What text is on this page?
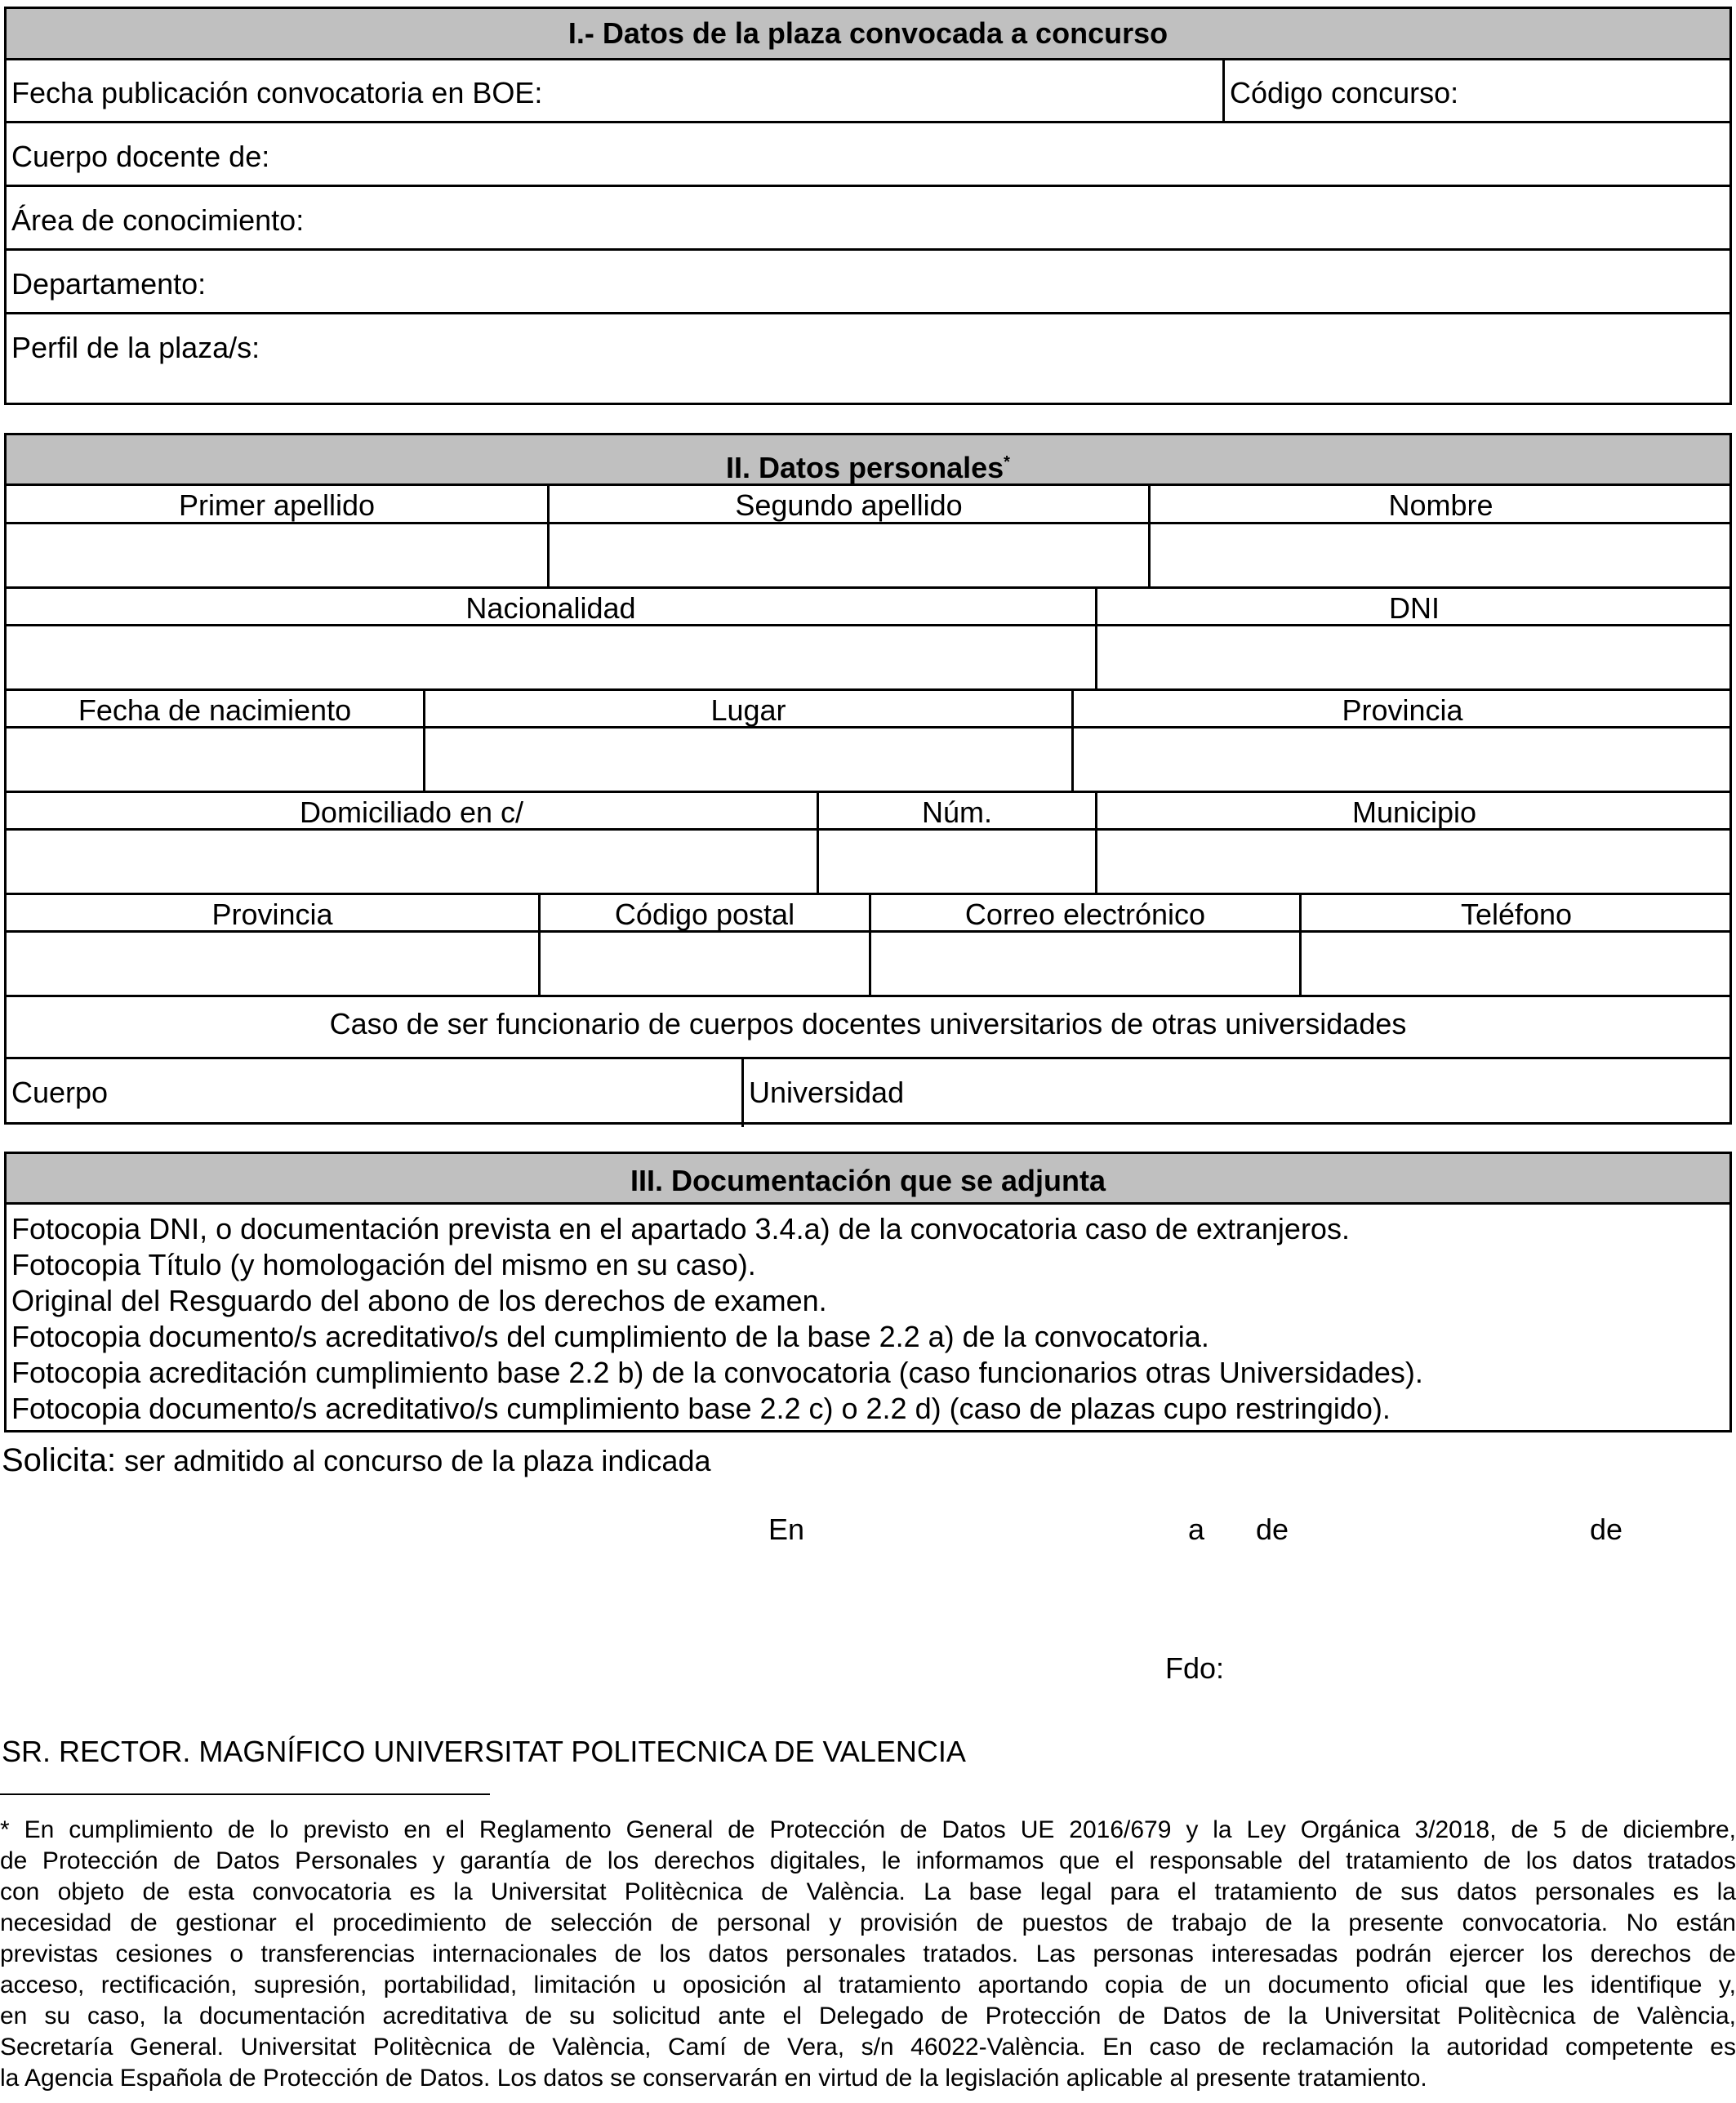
I.- Datos de la plaza convocada a concurso
Fecha publicación convocatoria en BOE:	Código concurso:
Cuerpo docente de:
Área de conocimiento:
Departamento:
Perfil de la plaza/s:
II. Datos personales*
Primer apellido	Segundo apellido	Nombre
Nacionalidad	DNI
Fecha de nacimiento	Lugar	Provincia
Domiciliado en c/	Núm.	Municipio
Provincia	Código postal	Correo electrónico	Teléfono
Caso de ser funcionario de cuerpos docentes universitarios de otras universidades
Cuerpo	Universidad
III. Documentación que se adjunta
Fotocopia DNI, o documentación prevista en el apartado 3.4.a) de la convocatoria caso de extranjeros.
Fotocopia Título (y homologación del mismo en su caso).
Original del Resguardo del abono de los derechos de examen.
Fotocopia documento/s acreditativo/s del cumplimiento de la base 2.2 a) de la convocatoria.
Fotocopia acreditación cumplimiento base 2.2 b) de la convocatoria (caso funcionarios otras Universidades).
Fotocopia documento/s acreditativo/s cumplimiento base 2.2 c) o 2.2 d) (caso de plazas cupo restringido).
Solicita: ser admitido al concurso de la plaza indicada
En	a de	de
Fdo:
SR. RECTOR. MAGNÍFICO UNIVERSITAT POLITECNICA DE VALENCIA
* En cumplimiento de lo previsto en el Reglamento General de Protección de Datos UE 2016/679 y la Ley Orgánica 3/2018, de 5 de diciembre,
de Protección de Datos Personales y garantía de los derechos digitales, le informamos que el responsable del tratamiento de los datos tratados
con objeto de esta convocatoria es la Universitat Politècnica de València. La base legal para el tratamiento de sus datos personales es la
necesidad de gestionar el procedimiento de selección de personal y provisión de puestos de trabajo de la presente convocatoria. No están
previstas cesiones o transferencias internacionales de los datos personales tratados. Las personas interesadas podrán ejercer los derechos de
acceso, rectificación, supresión, portabilidad, limitación u oposición al tratamiento aportando copia de un documento oficial que les identifique y,
en su caso, la documentación acreditativa de su solicitud ante el Delegado de Protección de Datos de la Universitat Politècnica de València,
Secretaría General. Universitat Politècnica de València, Camí de Vera, s/n 46022-València. En caso de reclamación la autoridad competente es
la Agencia Española de Protección de Datos. Los datos se conservarán en virtud de la legislación aplicable al presente tratamiento.
